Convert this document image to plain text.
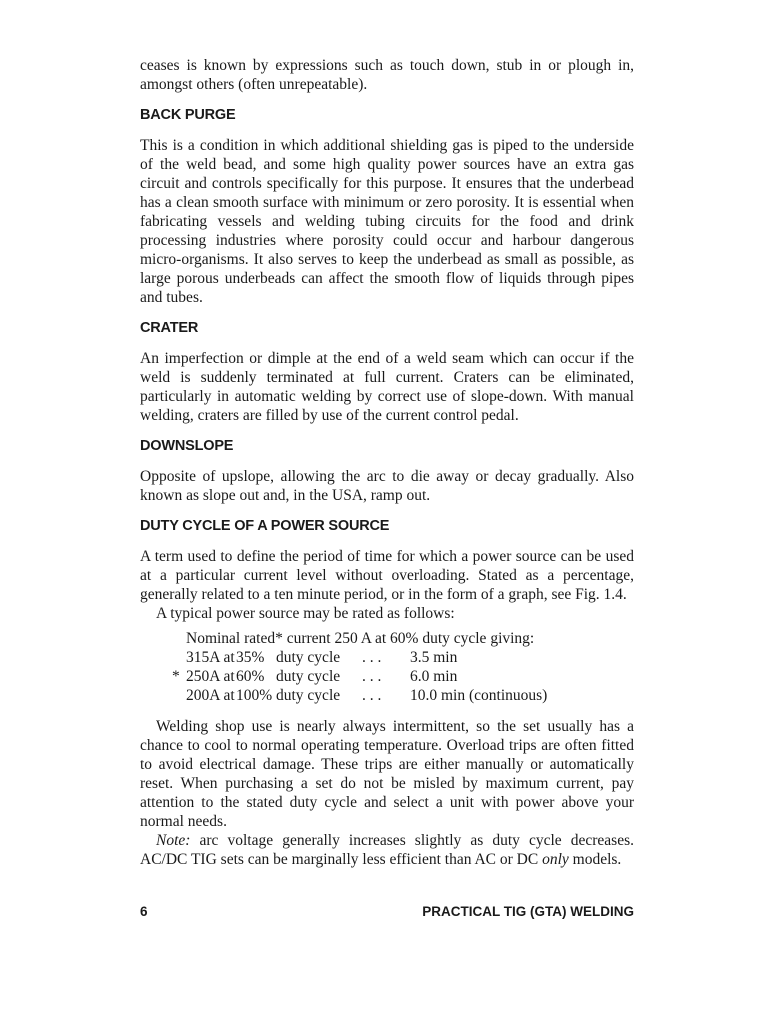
ceases is known by expressions such as touch down, stub in or plough in, amongst others (often unrepeatable).

BACK PURGE

This is a condition in which additional shielding gas is piped to the underside of the weld bead, and some high quality power sources have an extra gas circuit and controls specifically for this purpose. It ensures that the underbead has a clean smooth surface with minimum or zero porosity. It is essential when fabricating vessels and welding tubing circuits for the food and drink processing industries where porosity could occur and harbour dangerous micro-organisms. It also serves to keep the underbead as small as possible, as large porous underbeads can affect the smooth flow of liquids through pipes and tubes.

CRATER

An imperfection or dimple at the end of a weld seam which can occur if the weld is suddenly terminated at full current. Craters can be eliminated, particularly in automatic welding by correct use of slope-down. With manual welding, craters are filled by use of the current control pedal.

DOWNSLOPE

Opposite of upslope, allowing the arc to die away or decay gradually. Also known as slope out and, in the USA, ramp out.

DUTY CYCLE OF A POWER SOURCE

A term used to define the period of time for which a power source can be used at a particular current level without overloading. Stated as a percentage, generally related to a ten minute period, or in the form of a graph, see Fig. 1.4.

A typical power source may be rated as follows:

Nominal rated* current 250 A at 60% duty cycle giving:
315A at 35% duty cycle	. . .	3.5 min
* 250A at 60% duty cycle	. . .	6.0 min
200A at 100% duty cycle	. . .	10.0 min (continuous)

Welding shop use is nearly always intermittent, so the set usually has a chance to cool to normal operating temperature. Overload trips are often fitted to avoid electrical damage. These trips are either manually or automatically reset. When purchasing a set do not be misled by maximum current, pay attention to the stated duty cycle and select a unit with power above your normal needs.

Note: arc voltage generally increases slightly as duty cycle decreases. AC/DC TIG sets can be marginally less efficient than AC or DC only models.

6	PRACTICAL TIG (GTA) WELDING
